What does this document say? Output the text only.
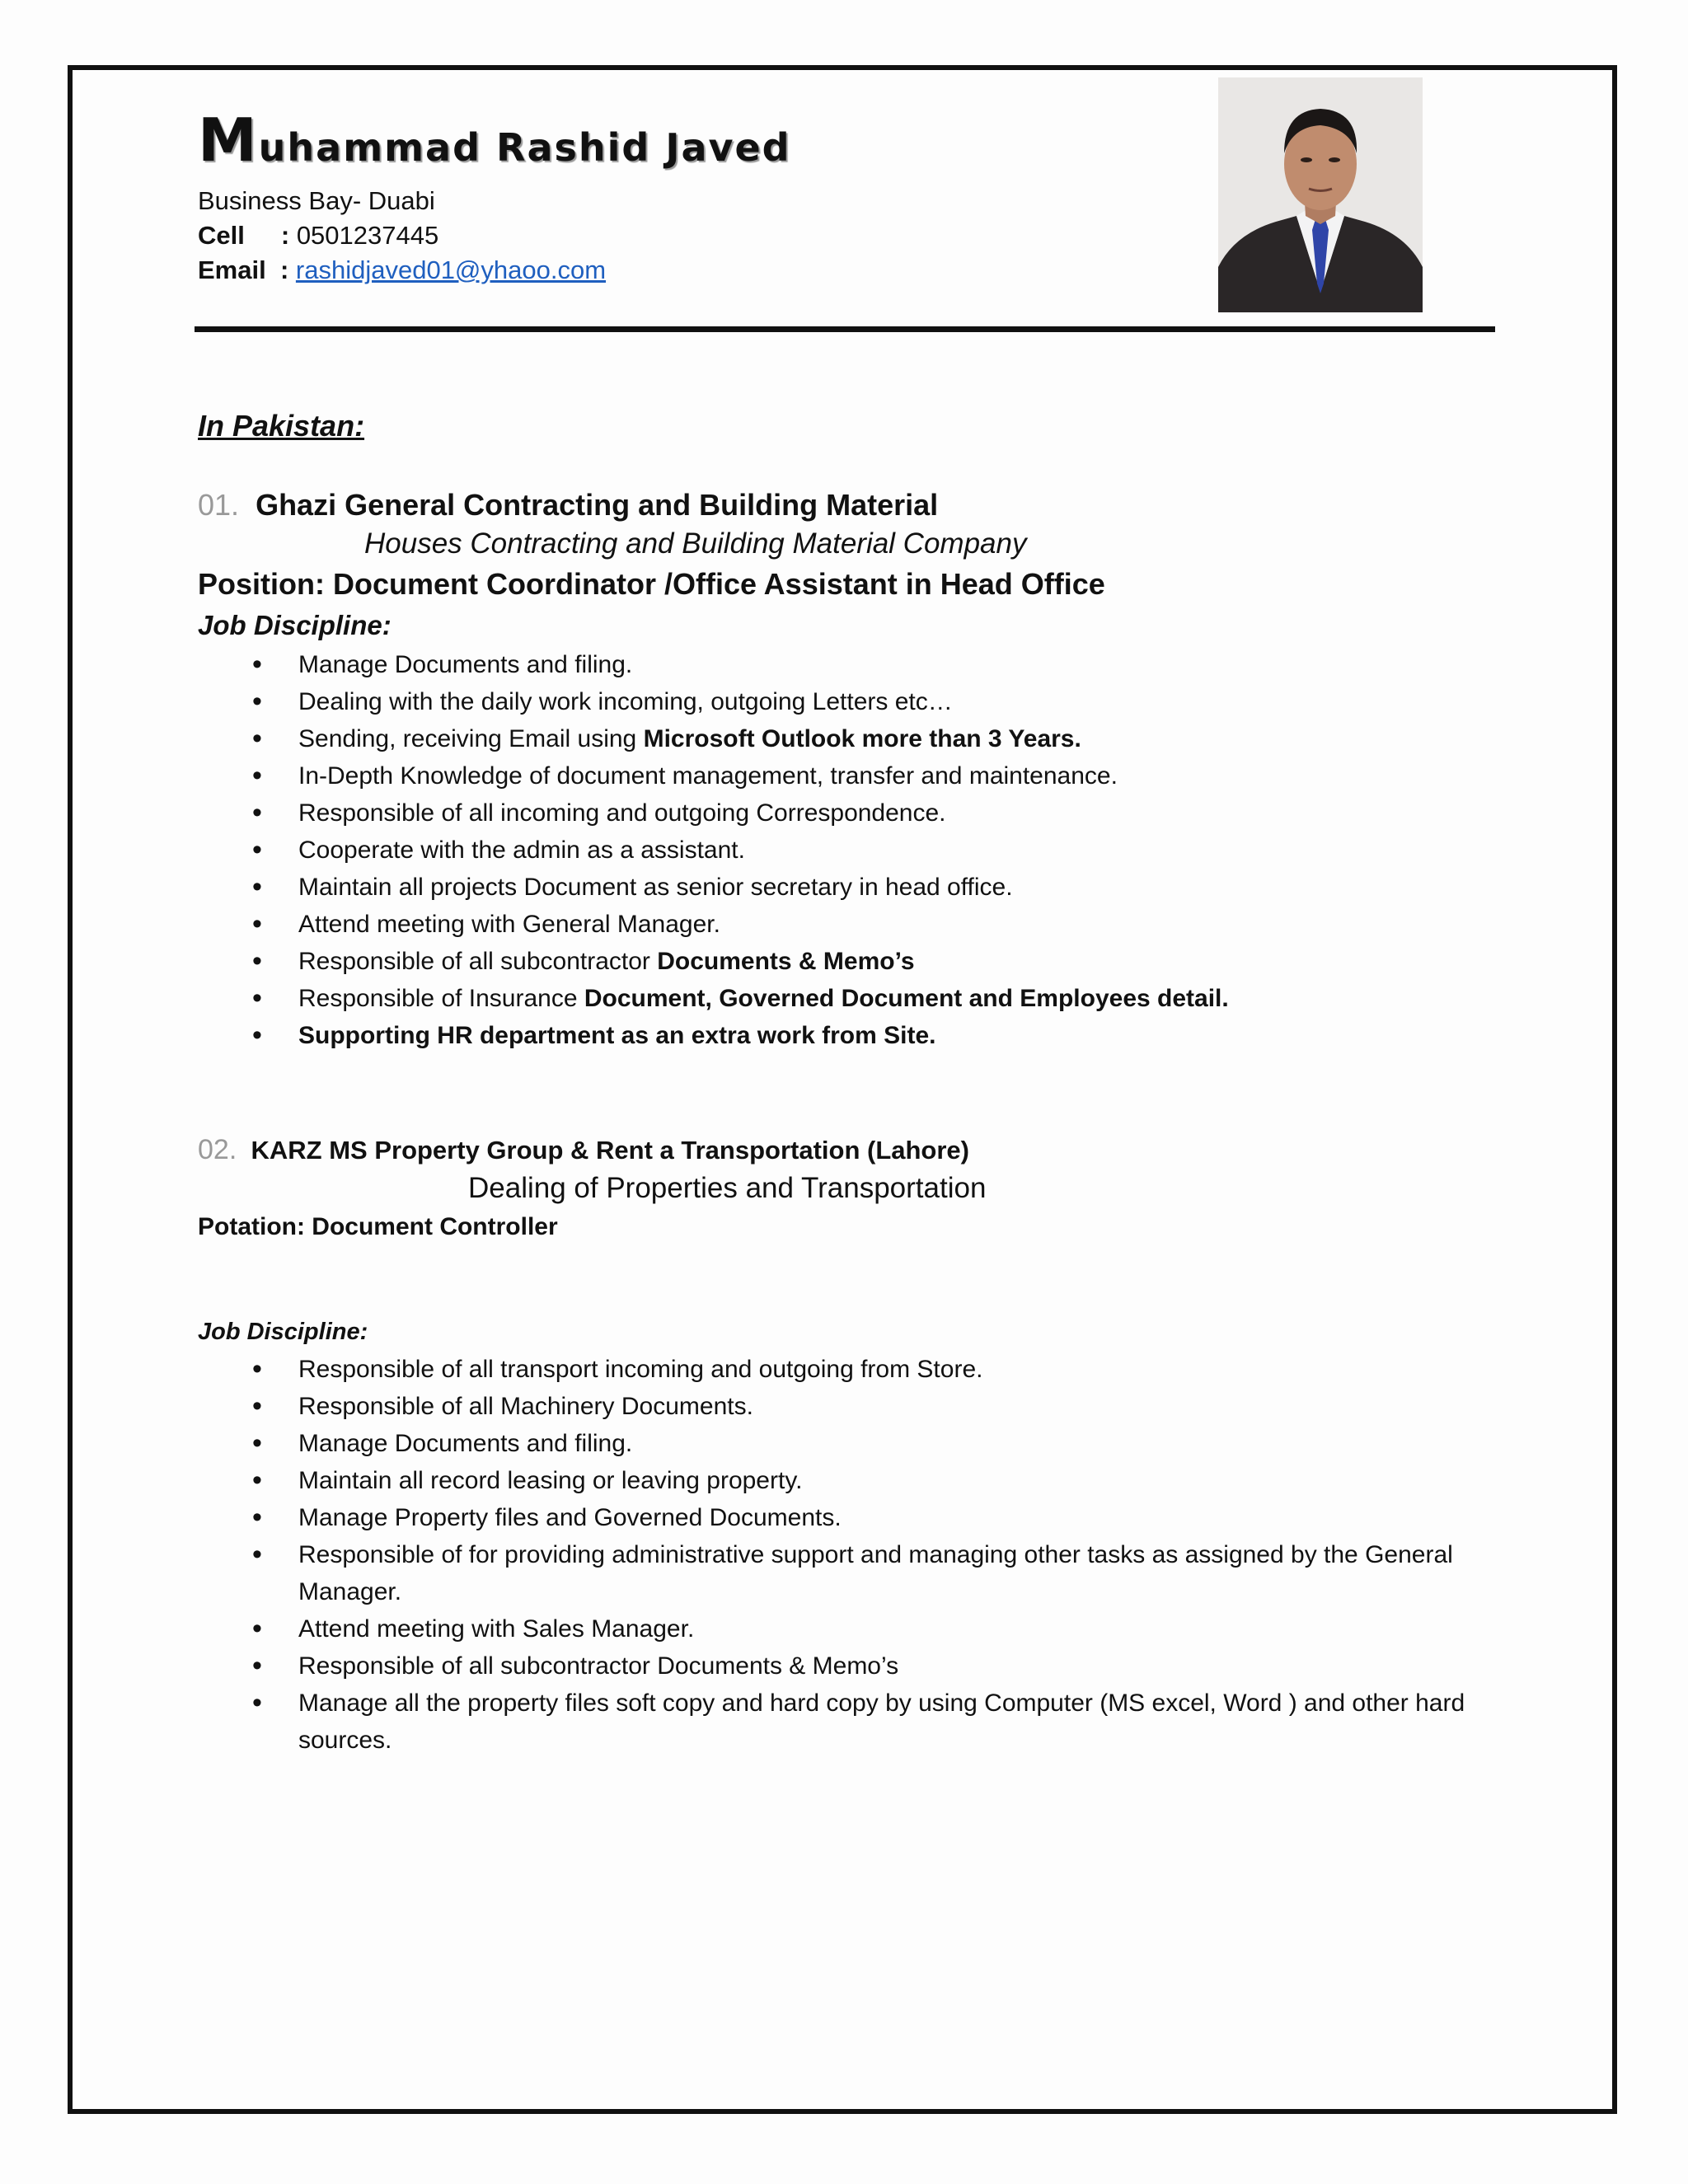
Muhammad Rashid Javed
Business Bay- Duabi
Cell : 0501237445
Email : rashidjaved01@yhaoo.com
In Pakistan:
01. Ghazi General Contracting and Building Material
Houses Contracting and Building Material Company
Position: Document Coordinator /Office Assistant in Head Office
Job Discipline:
• Manage Documents and filing.
• Dealing with the daily work incoming, outgoing Letters etc…
• Sending, receiving Email using Microsoft Outlook more than 3 Years.
• In-Depth Knowledge of document management, transfer and maintenance.
• Responsible of all incoming and outgoing Correspondence.
• Cooperate with the admin as a assistant.
• Maintain all projects Document as senior secretary in head office.
• Attend meeting with General Manager.
• Responsible of all subcontractor Documents & Memo’s
• Responsible of Insurance Document, Governed Document and Employees detail.
• Supporting HR department as an extra work from Site.
02. KARZ MS Property Group & Rent a Transportation (Lahore)
Dealing of Properties and Transportation
Potation: Document Controller
Job Discipline:
• Responsible of all transport incoming and outgoing from Store.
• Responsible of all Machinery Documents.
• Manage Documents and filing.
• Maintain all record leasing or leaving property.
• Manage Property files and Governed Documents.
• Responsible of for providing administrative support and managing other tasks as assigned by the General Manager.
• Attend meeting with Sales Manager.
• Responsible of all subcontractor Documents & Memo’s
• Manage all the property files soft copy and hard copy by using Computer (MS excel, Word ) and other hard sources.
